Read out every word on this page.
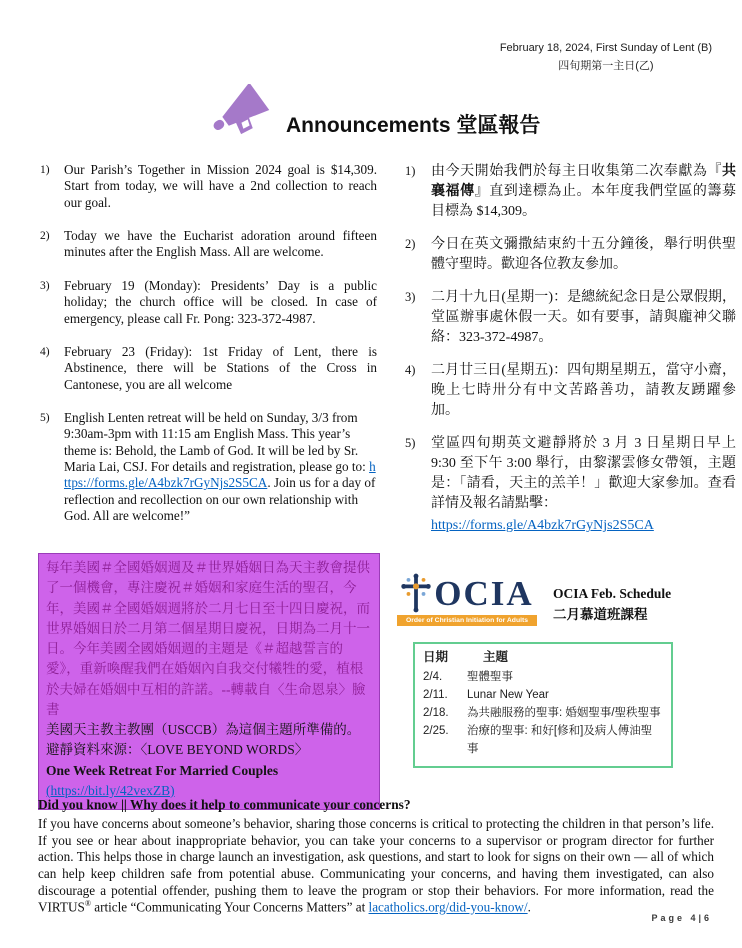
February 18, 2024, First Sunday of Lent (B)
四旬期第一主日(乙)
Announcements 堂區報告
1)	Our Parish’s Together in Mission 2024 goal is $14,309. Start from today, we will have a 2nd collection to reach our goal.
2)	Today we have the Eucharist adoration around fifteen minutes after the English Mass. All are welcome.
3)	February 19 (Monday): Presidents’ Day is a public holiday; the church office will be closed. In case of emergency, please call Fr. Pong: 323-372-4987.
4)	February 23 (Friday): 1st Friday of Lent, there is Abstinence, there will be Stations of the Cross in Cantonese, you are all welcome
5)	English Lenten retreat will be held on Sunday, 3/3 from 9:30am-3pm with 11:15 am English Mass. This year’s theme is: Behold, the Lamb of God. It will be led by Sr. Maria Lai, CSJ. For details and registration, please go to: https://forms.gle/A4bzk7rGyNjs2S5CA. Join us for a day of reflection and recollection on our own relationship with God. All are welcome!”
1)	由今天開始我們於每主日收集第二次奉獻為『共襄福傳』直到達標為止。本年度我們堂區的籌募目標為 $14,309。
2)	今日在英文彌撒結束約十五分鐘後，舉行明供聖體守聖時。歡迎各位教友參加。
3)	二月十九日(星期一)：是總統紀念日是公眾假期，堂區辦事處休假一天。如有要事，請與龐神父聯絡：323-372-4987。
4)	二月廿三日(星期五)：四旬期星期五，當守小齋，晚上七時卅分有中文苦路善功，請教友踴躍參加。
5)	堂區四旬期英文避靜將於 3 月 3 日星期日早上 9:30 至下午 3:00 舉行，由黎潔雲修女帶領，主題是：「請看，天主的羔羊！」歡迎大家參加。查看詳情及報名請點擊：
https://forms.gle/A4bzk7rGyNjs2S5CA
每年美國＃全國婚姻週及＃世界婚姻日為天主教會提供了一個機會，專注慶祝＃婚姻和家庭生活的聖召，今年，美國＃全國婚姻週將於二月七日至十四日慶祝，而世界婚姻日於二月第二個星期日慶祝，日期為二月十一日。今年美國全國婚姻週的主題是《＃超越誓言的愛》，重新喚醒我們在婚姻內自我交付犧牲的愛，植根於夫婦在婚姻中互相的許諾。--轉載自〈生命恩泉〉臉書
美國天主教主教團（USCCB）為這個主題所準備的。
避靜資料來源：〈LOVE BEYOND WORDS〉
One Week Retreat For Married Couples
(https://bit.ly/42vexZB)
OCIA
Order of Christian Initiation for Adults
OCIA Feb. Schedule
二月慕道班課程
日期	主題
2/4.	聖體聖事
2/11.	Lunar New Year
2/18.	為共融服務的聖事: 婚姻聖事/聖秩聖事
2/25.	治療的聖事: 和好[修和]及病人傅油聖事
Did you know || Why does it help to communicate your concerns?

If you have concerns about someone’s behavior, sharing those concerns is critical to protecting the children in that person’s life. If you see or hear about inappropriate behavior, you can take your concerns to a supervisor or program director for further action. This helps those in charge launch an investigation, ask questions, and start to look for signs on their own — all of which can help keep children safe from potential abuse. Communicating your concerns, and having them investigated, can also discourage a potential offender, pushing them to leave the program or stop their behaviors. For more information, read the VIRTUS® article “Communicating Your Concerns Matters” at lacatholics.org/did-you-know/.

Page 4|6
